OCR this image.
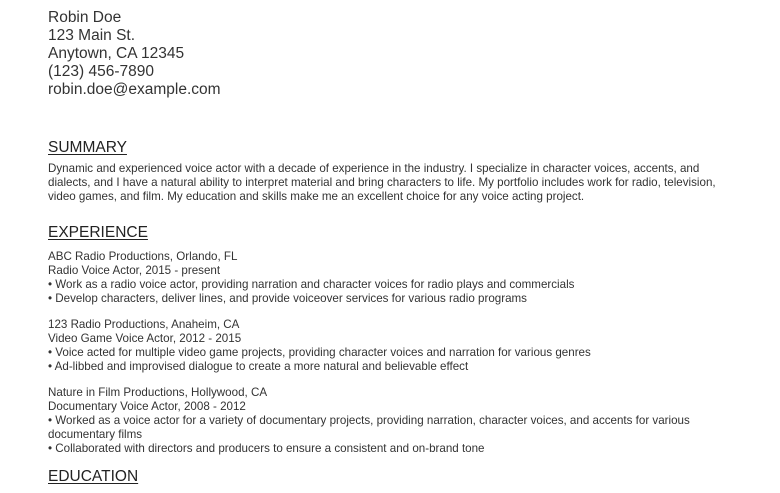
Robin Doe
123 Main St.
Anytown, CA 12345
(123) 456-7890
robin.doe@example.com
SUMMARY
Dynamic and experienced voice actor with a decade of experience in the industry. I specialize in character voices, accents, and dialects, and I have a natural ability to interpret material and bring characters to life. My portfolio includes work for radio, television, video games, and film. My education and skills make me an excellent choice for any voice acting project.
EXPERIENCE
ABC Radio Productions, Orlando, FL
Radio Voice Actor, 2015 - present
• Work as a radio voice actor, providing narration and character voices for radio plays and commercials
• Develop characters, deliver lines, and provide voiceover services for various radio programs
123 Radio Productions, Anaheim, CA
Video Game Voice Actor, 2012 - 2015
• Voice acted for multiple video game projects, providing character voices and narration for various genres
• Ad-libbed and improvised dialogue to create a more natural and believable effect
Nature in Film Productions, Hollywood, CA
Documentary Voice Actor, 2008 - 2012
• Worked as a voice actor for a variety of documentary projects, providing narration, character voices, and accents for various documentary films
• Collaborated with directors and producers to ensure a consistent and on-brand tone
EDUCATION
